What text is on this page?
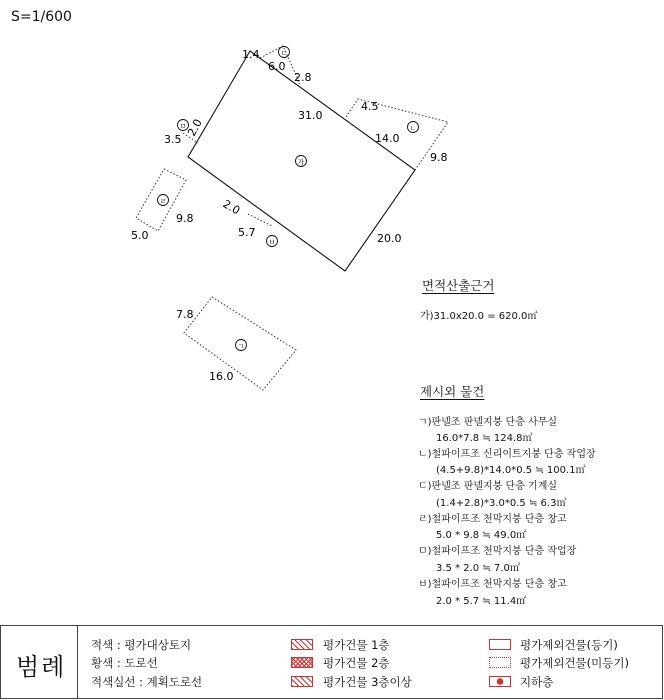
S=1/600
가
ㄴ
ㄷ
ㅁ
ㄹ
ㅂ
ㄱ
1.4
6.0
2.8
31.0
4.5
14.0
9.8
3.5
2.0
9.8
5.0
2.0
5.7	20.0
7.8
16.0
면적산출근거
가)31.0x20.0 = 620.0㎡
제시외 물건
ㄱ)판넬조 판넬지붕 단층 사무실
16.0*7.8 ≒ 124.8㎡
ㄴ)철파이프조 신리이트지붕 단층 작업장
(4.5+9.8)*14.0*0.5 ≒ 100.1㎡
ㄷ)판넬조 판넬지붕 단층 기계실
(1.4+2.8)*3.0*0.5 ≒ 6.3㎡
ㄹ)철파이프조 천막지붕 단층 창고
5.0 * 9.8 ≒ 49.0㎡
ㅁ)철파이프조 천막지붕 단층 작업장
3.5 * 2.0 ≒ 7.0㎡
ㅂ)철파이프조 천막지붕 단층 창고
2.0 * 5.7 ≒ 11.4㎡
범례
적색 : 평가대상토지
황색 : 도로선
적색실선 : 계획도로선
평가건물 1층
평가건물 2층
평가건물 3층이상
평가제외건물(등기)
평가제외건물(미등기)
지하층
